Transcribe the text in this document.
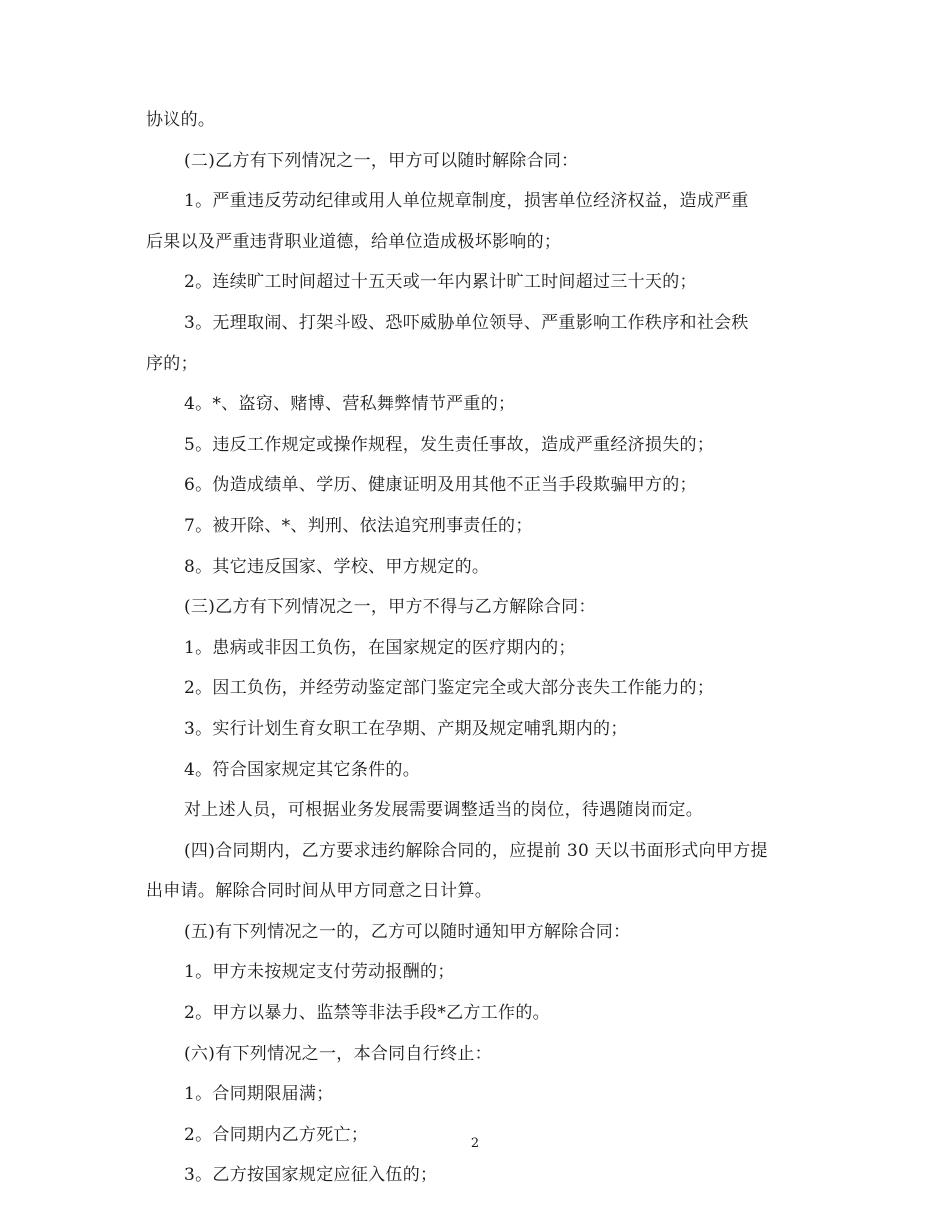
协议的。
(二)乙方有下列情况之一，甲方可以随时解除合同：
1。严重违反劳动纪律或用人单位规章制度，损害单位经济权益，造成严重
后果以及严重违背职业道德，给单位造成极坏影响的；
2。连续旷工时间超过十五天或一年内累计旷工时间超过三十天的；
3。无理取闹、打架斗殴、恐吓威胁单位领导、严重影响工作秩序和社会秩
序的；
4。*、盗窃、赌博、营私舞弊情节严重的；
5。违反工作规定或操作规程，发生责任事故，造成严重经济损失的；
6。伪造成绩单、学历、健康证明及用其他不正当手段欺骗甲方的；
7。被开除、*、判刑、依法追究刑事责任的；
8。其它违反国家、学校、甲方规定的。
(三)乙方有下列情况之一，甲方不得与乙方解除合同：
1。患病或非因工负伤，在国家规定的医疗期内的；
2。因工负伤，并经劳动鉴定部门鉴定完全或大部分丧失工作能力的；
3。实行计划生育女职工在孕期、产期及规定哺乳期内的；
4。符合国家规定其它条件的。
对上述人员，可根据业务发展需要调整适当的岗位，待遇随岗而定。
(四)合同期内，乙方要求违约解除合同的，应提前 30 天以书面形式向甲方提
出申请。解除合同时间从甲方同意之日计算。
(五)有下列情况之一的，乙方可以随时通知甲方解除合同：
1。甲方未按规定支付劳动报酬的；
2。甲方以暴力、监禁等非法手段*乙方工作的。
(六)有下列情况之一，本合同自行终止：
1。合同期限届满；
2。合同期内乙方死亡；
3。乙方按国家规定应征入伍的；
2
